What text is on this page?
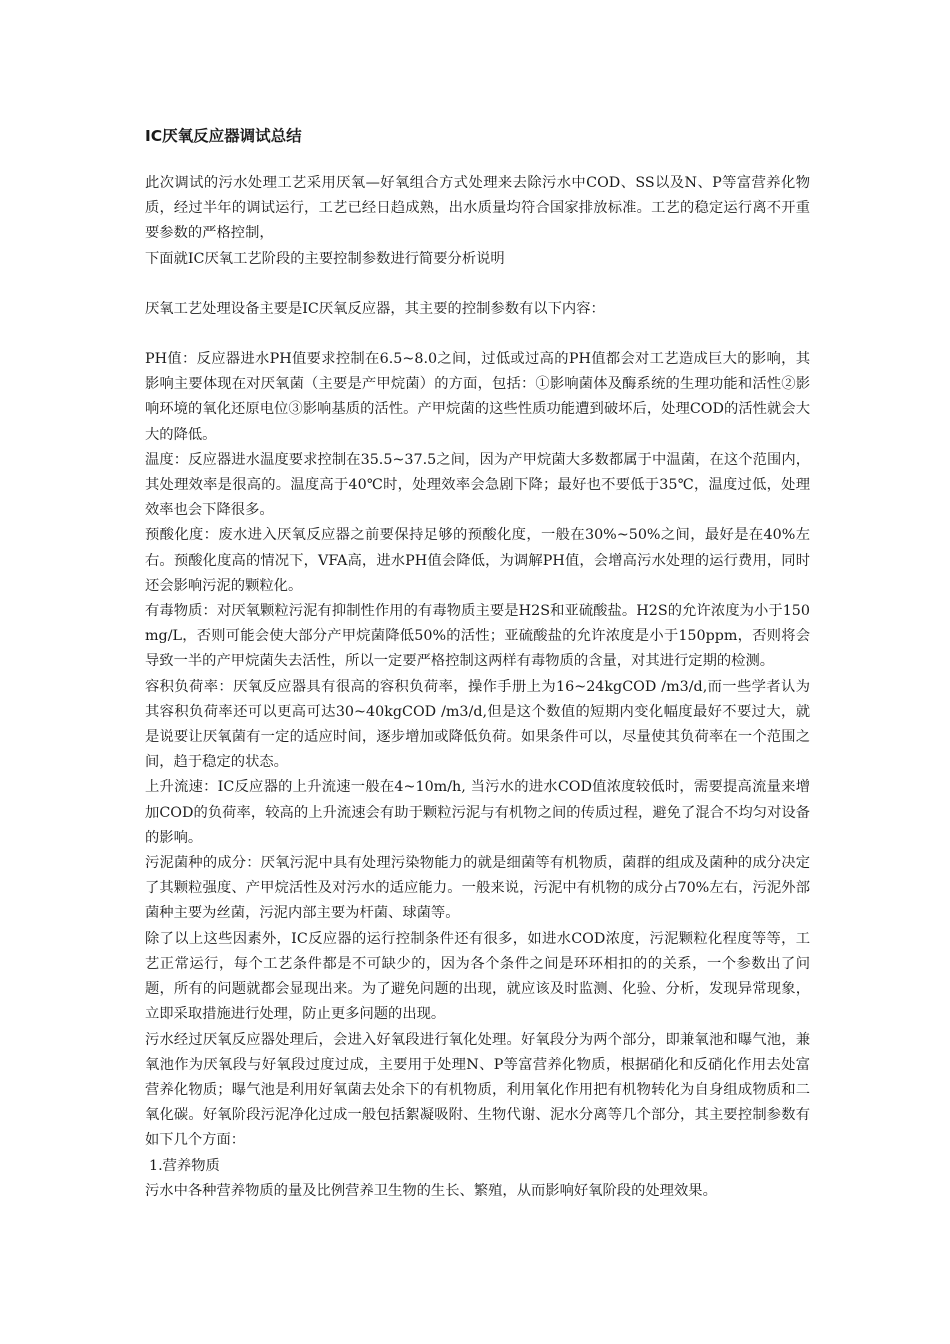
IC厌氧反应器调试总结

此次调试的污水处理工艺采用厌氧—好氧组合方式处理来去除污水中COD、SS以及N、P等富营养化物质，经过半年的调试运行，工艺已经日趋成熟，出水质量均符合国家排放标准。工艺的稳定运行离不开重要参数的严格控制，

下面就IC厌氧工艺阶段的主要控制参数进行简要分析说明

厌氧工艺处理设备主要是IC厌氧反应器，其主要的控制参数有以下内容：

PH值：反应器进水PH值要求控制在6.5~8.0之间，过低或过高的PH值都会对工艺造成巨大的影响，其影响主要体现在对厌氧菌（主要是产甲烷菌）的方面，包括：①影响菌体及酶系统的生理功能和活性②影响环境的氧化还原电位③影响基质的活性。产甲烷菌的这些性质功能遭到破坏后，处理COD的活性就会大大的降低。

温度：反应器进水温度要求控制在35.5~37.5之间，因为产甲烷菌大多数都属于中温菌，在这个范围内，其处理效率是很高的。温度高于40℃时，处理效率会急剧下降；最好也不要低于35℃，温度过低，处理效率也会下降很多。

预酸化度：废水进入厌氧反应器之前要保持足够的预酸化度，一般在30%~50%之间，最好是在40%左右。预酸化度高的情况下，VFA高，进水PH值会降低，为调解PH值，会增高污水处理的运行费用，同时还会影响污泥的颗粒化。

有毒物质：对厌氧颗粒污泥有抑制性作用的有毒物质主要是H2S和亚硫酸盐。H2S的允许浓度为小于150mg/L，否则可能会使大部分产甲烷菌降低50%的活性；亚硫酸盐的允许浓度是小于150ppm，否则将会导致一半的产甲烷菌失去活性，所以一定要严格控制这两样有毒物质的含量，对其进行定期的检测。

容积负荷率：厌氧反应器具有很高的容积负荷率，操作手册上为16~24kgCOD /m3/d,而一些学者认为其容积负荷率还可以更高可达30~40kgCOD /m3/d,但是这个数值的短期内变化幅度最好不要过大，就是说要让厌氧菌有一定的适应时间，逐步增加或降低负荷。如果条件可以，尽量使其负荷率在一个范围之间，趋于稳定的状态。

上升流速：IC反应器的上升流速一般在4~10m/h, 当污水的进水COD值浓度较低时，需要提高流量来增加COD的负荷率，较高的上升流速会有助于颗粒污泥与有机物之间的传质过程，避免了混合不均匀对设备的影响。

污泥菌种的成分：厌氧污泥中具有处理污染物能力的就是细菌等有机物质，菌群的组成及菌种的成分决定了其颗粒强度、产甲烷活性及对污水的适应能力。一般来说，污泥中有机物的成分占70%左右，污泥外部菌种主要为丝菌，污泥内部主要为杆菌、球菌等。

除了以上这些因素外，IC反应器的运行控制条件还有很多，如进水COD浓度，污泥颗粒化程度等等，工艺正常运行，每个工艺条件都是不可缺少的，因为各个条件之间是环环相扣的的关系，一个参数出了问题，所有的问题就都会显现出来。为了避免问题的出现，就应该及时监测、化验、分析，发现异常现象，立即采取措施进行处理，防止更多问题的出现。

污水经过厌氧反应器处理后，会进入好氧段进行氧化处理。好氧段分为两个部分，即兼氧池和曝气池，兼氧池作为厌氧段与好氧段过度过成，主要用于处理N、P等富营养化物质，根据硝化和反硝化作用去处富营养化物质；曝气池是利用好氧菌去处余下的有机物质，利用氧化作用把有机物转化为自身组成物质和二氧化碳。好氧阶段污泥净化过成一般包括絮凝吸附、生物代谢、泥水分离等几个部分，其主要控制参数有如下几个方面：

1.营养物质

污水中各种营养物质的量及比例营养卫生物的生长、繁殖，从而影响好氧阶段的处理效果。
